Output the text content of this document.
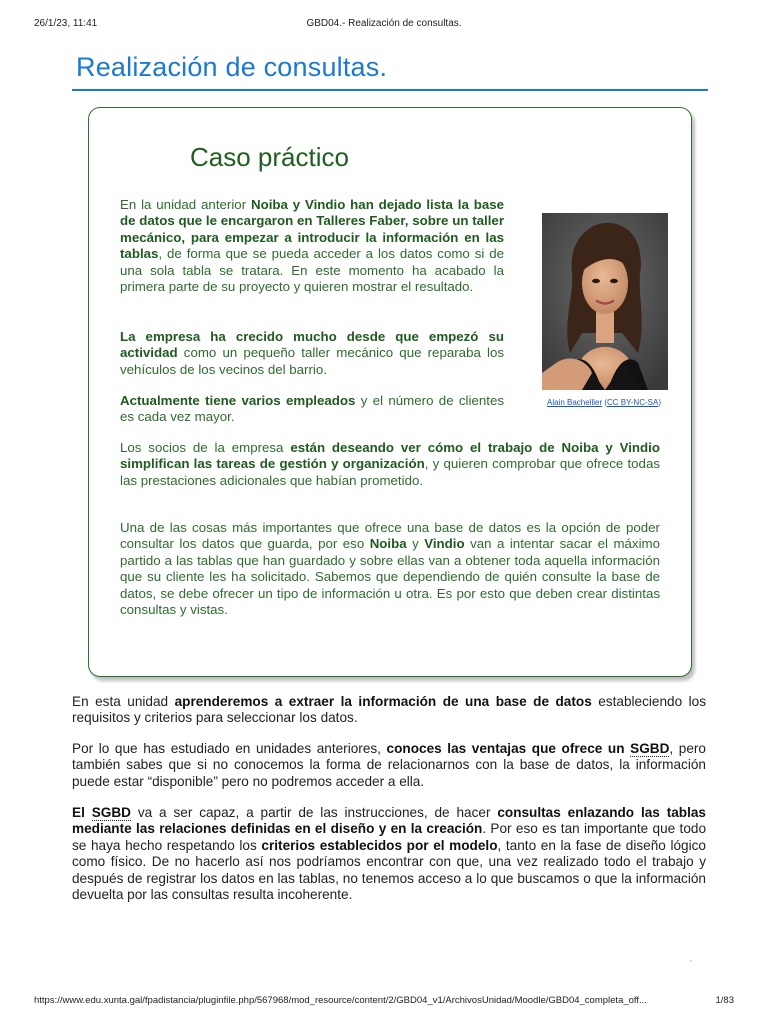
26/1/23, 11:41	GBD04.- Realización de consultas.
Realización de consultas.
Caso práctico

En la unidad anterior Noiba y Vindio han dejado lista la base de datos que le encargaron en Talleres Faber, sobre un taller mecánico, para empezar a introducir la información en las tablas, de forma que se pueda acceder a los datos como si de una sola tabla se tratara. En este momento ha acabado la primera parte de su proyecto y quieren mostrar el resultado.

La empresa ha crecido mucho desde que empezó su actividad como un pequeño taller mecánico que reparaba los vehículos de los vecinos del barrio.

Actualmente tiene varios empleados y el número de clientes es cada vez mayor.

Los socios de la empresa están deseando ver cómo el trabajo de Noiba y Vindio simplifican las tareas de gestión y organización, y quieren comprobar que ofrece todas las prestaciones adicionales que habían prometido.

Una de las cosas más importantes que ofrece una base de datos es la opción de poder consultar los datos que guarda, por eso Noiba y Vindio van a intentar sacar el máximo partido a las tablas que han guardado y sobre ellas van a obtener toda aquella información que su cliente les ha solicitado. Sabemos que dependiendo de quién consulte la base de datos, se debe ofrecer un tipo de información u otra. Es por esto que deben crear distintas consultas y vistas.

Alain Bachellier (CC BY-NC-SA)

En esta unidad aprenderemos a extraer la información de una base de datos estableciendo los requisitos y criterios para seleccionar los datos.

Por lo que has estudiado en unidades anteriores, conoces las ventajas que ofrece un SGBD, pero también sabes que si no conocemos la forma de relacionarnos con la base de datos, la información puede estar “disponible” pero no podremos acceder a ella.

El SGBD va a ser capaz, a partir de las instrucciones, de hacer consultas enlazando las tablas mediante las relaciones definidas en el diseño y en la creación. Por eso es tan importante que todo se haya hecho respetando los criterios establecidos por el modelo, tanto en la fase de diseño lógico como físico. De no hacerlo así nos podríamos encontrar con que, una vez realizado todo el trabajo y después de registrar los datos en las tablas, no tenemos acceso a lo que buscamos o que la información devuelta por las consultas resulta incoherente.

https://www.edu.xunta.gal/fpadistancia/pluginfile.php/567968/mod_resource/content/2/GBD04_v1/ArchivosUnidad/Moodle/GBD04_completa_off...	1/83
